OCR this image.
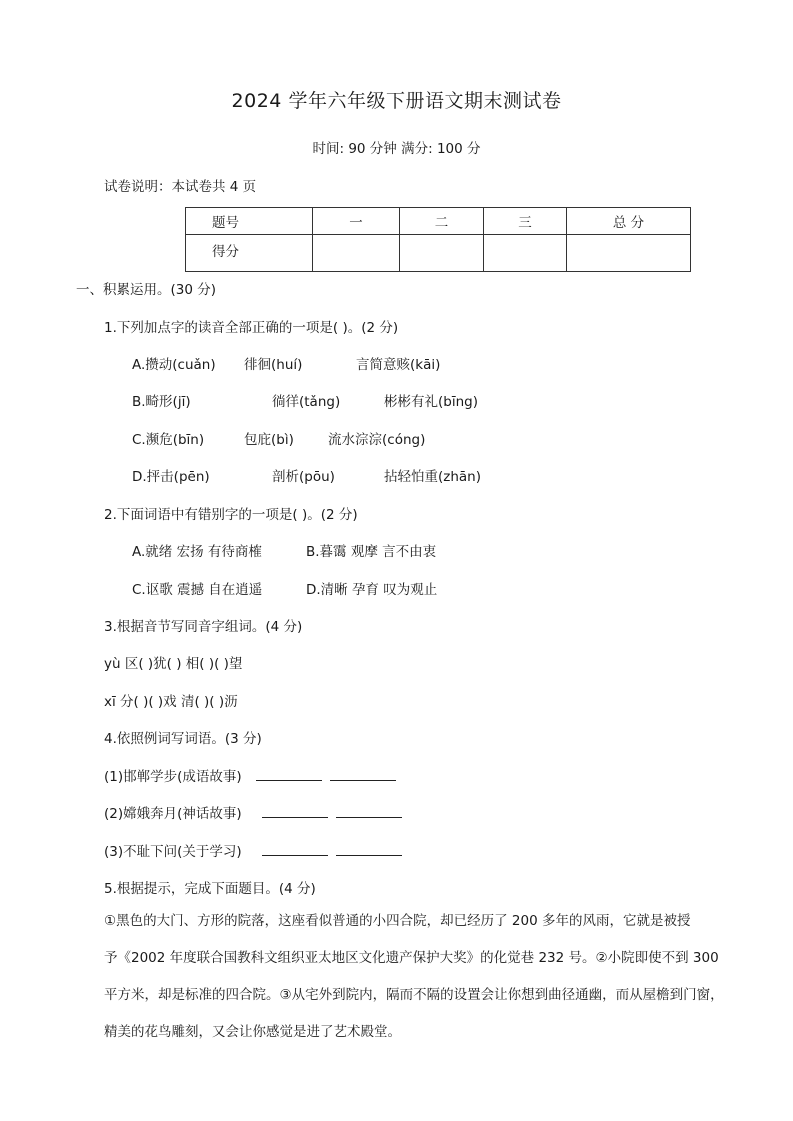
2024 学年六年级下册语文期末测试卷
时间: 90 分钟 满分: 100 分
试卷说明：本试卷共 4 页
题号	一	二	三	总 分

得分				

一、积累运用。(30 分)
1.下列加点字的读音全部正确的一项是( )。(2 分)
A.攒动(cuǎn) 徘徊(huí)	言简意赅(kāi)
B.畸形(jī)	徜徉(tǎng)	彬彬有礼(bīng)
C.濒危(bīn)	包庇(bì)	流水淙淙(cóng)
D.抨击(pēn)	剖析(pōu)	拈轻怕重(zhān)
2.下面词语中有错别字的一项是( )。(2 分)
A.就绪 宏扬 有待商榷	B.暮霭 观摩 言不由衷
C.讴歌 震撼 自在逍遥	D.清晰 孕育 叹为观止
3.根据音节写同音字组词。(4 分)
yù 区( )犹( ) 相( )( )望
xī 分( )( )戏 清( )( )沥
4.依照例词写词语。(3 分)
(1)邯郸学步(成语故事)
(2)嫦娥奔月(神话故事)
(3)不耻下问(关于学习)
5.根据提示，完成下面题目。(4 分)
①黑色的大门、方形的院落，这座看似普通的小四合院，却已经历了 200 多年的风雨，它就是被授
予《2002 年度联合国教科文组织亚太地区文化遗产保护大奖》的化觉巷 232 号。②小院即使不到 300
平方米，却是标准的四合院。③从宅外到院内，隔而不隔的设置会让你想到曲径通幽，而从屋檐到门窗，
精美的花鸟雕刻，又会让你感觉是进了艺术殿堂。
